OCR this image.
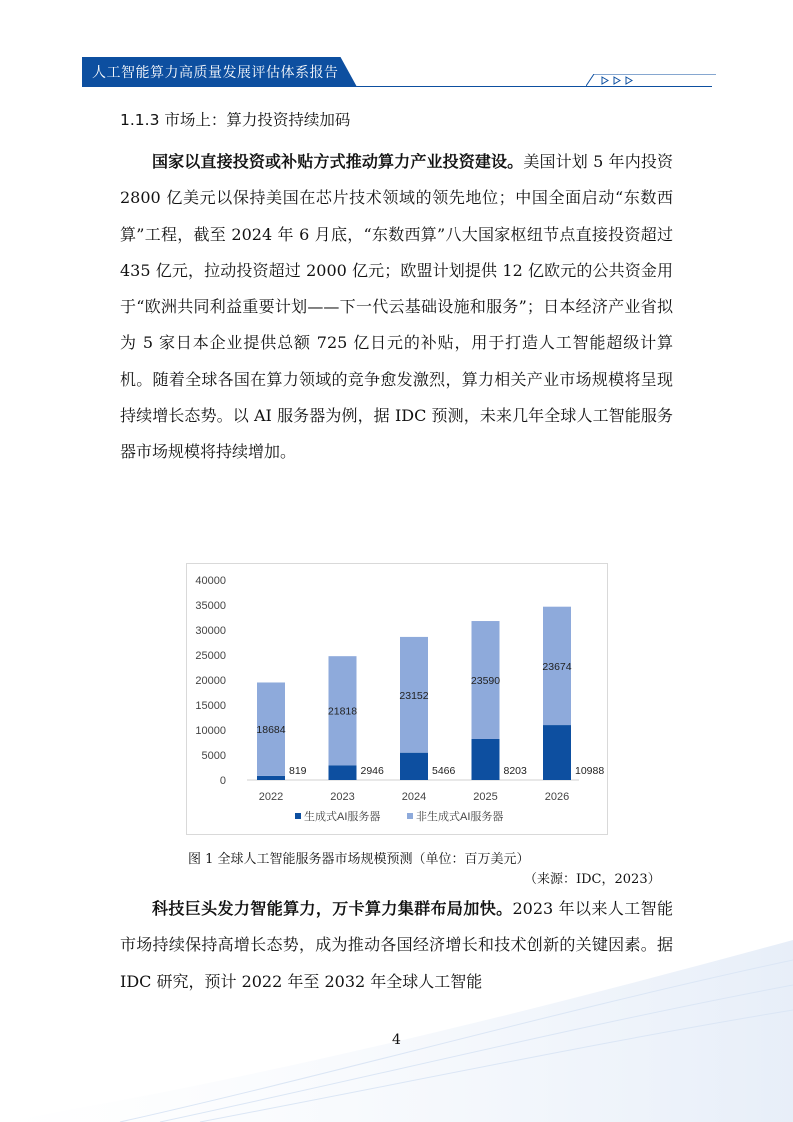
人工智能算力高质量发展评估体系报告
1.1.3 市场上：算力投资持续加码

国家以直接投资或补贴方式推动算力产业投资建设。美国计划 5 年内投资 2800 亿美元以保持美国在芯片技术领域的领先地位；中国全面启动“东数西算”工程，截至 2024 年 6 月底，“东数西算”八大国家枢纽节点直接投资超过 435 亿元，拉动投资超过 2000 亿元；欧盟计划提供 12 亿欧元的公共资金用于“欧洲共同利益重要计划——下一代云基础设施和服务”；日本经济产业省拟为 5 家日本企业提供总额 725 亿日元的补贴，用于打造人工智能超级计算机。随着全球各国在算力领域的竞争愈发激烈，算力相关产业市场规模将呈现持续增长态势。以 AI 服务器为例，据 IDC 预测，未来几年全球人工智能服务器市场规模将持续增加。

0
5000
10000
15000
20000
25000
30000
35000
40000
819
18684
2022
2946
21818
2023
5466
23152
2024
8203
23590
2025
10988
23674
2026
生成式AI服务器	非生成式AI服务器
图 1 全球人工智能服务器市场规模预测（单位：百万美元）
（来源：IDC，2023）

科技巨头发力智能算力，万卡算力集群布局加快。2023 年以来人工智能市场持续保持高增长态势，成为推动各国经济增长和技术创新的关键因素。据 IDC 研究，预计 2022 年至 2032 年全球人工智能

4
